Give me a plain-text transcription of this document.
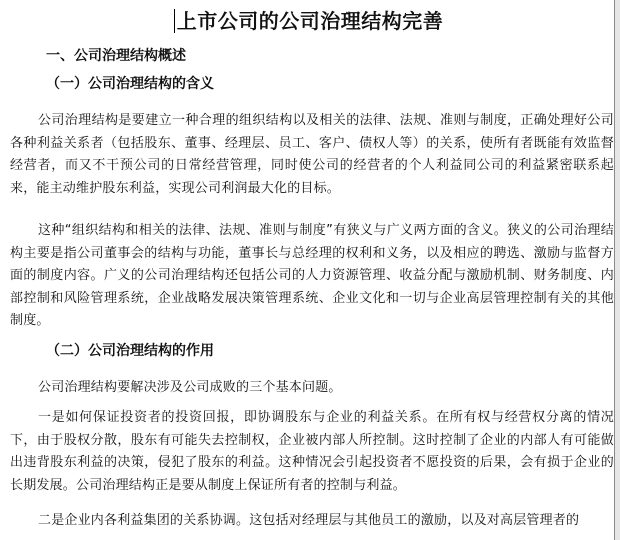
上市公司的公司治理结构完善
一、公司治理结构概述
（一）公司治理结构的含义

公司治理结构是要建立一种合理的组织结构以及相关的法律、法规、准则与制度，正确处理好公司各种利益关系者（包括股东、董事、经理层、员工、客户、债权人等）的关系，使所有者既能有效监督经营者，而又不干预公司的日常经营管理，同时使公司的经营者的个人利益同公司的利益紧密联系起来，能主动维护股东利益，实现公司利润最大化的目标。

这种“组织结构和相关的法律、法规、准则与制度”有狭义与广义两方面的含义。狭义的公司治理结构主要是指公司董事会的结构与功能，董事长与总经理的权利和义务，以及相应的聘选、激励与监督方面的制度内容。广义的公司治理结构还包括公司的人力资源管理、收益分配与激励机制、财务制度、内部控制和风险管理系统，企业战略发展决策管理系统、企业文化和一切与企业高层管理控制有关的其他制度。

（二）公司治理结构的作用

公司治理结构要解决涉及公司成败的三个基本问题。

一是如何保证投资者的投资回报，即协调股东与企业的利益关系。在所有权与经营权分离的情况下，由于股权分散，股东有可能失去控制权，企业被内部人所控制。这时控制了企业的内部人有可能做出违背股东利益的决策，侵犯了股东的利益。这种情况会引起投资者不愿投资的后果，会有损于企业的长期发展。公司治理结构正是要从制度上保证所有者的控制与利益。

二是企业内各利益集团的关系协调。这包括对经理层与其他员工的激励，以及对高层管理者的
